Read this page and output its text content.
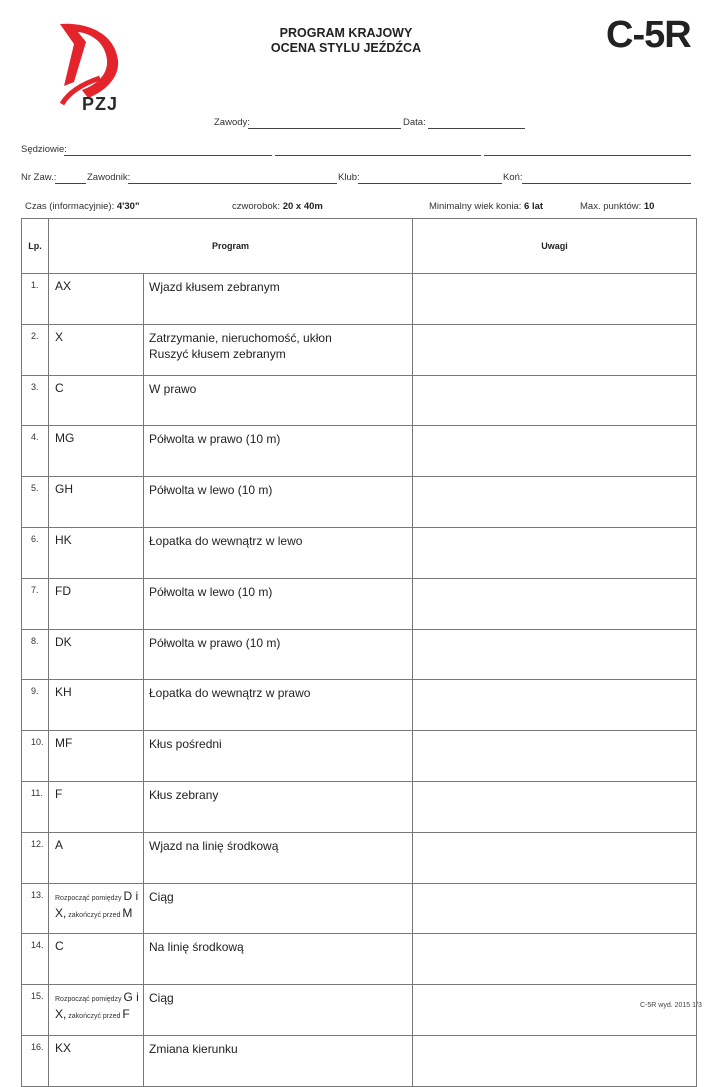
PZJ
PROGRAM KRAJOWY
OCENA STYLU JEŹDŹCA	C-5R
Zawody:	Data:
Sędziowie:
Nr Zaw.:	Zawodnik:	Klub:	Koń:
Czas (informacyjnie): 4'30"	czworobok: 20 x 40m	Minimalny wiek konia: 6 lat	Max. punktów: 10
Lp.	Program		Uwagi
1.	AX	Wjazd kłusem zebranym	
2.	X	Zatrzymanie, nieruchomość, ukłon
Ruszyć kłusem zebranym	

3.	C	W prawo	
4.	MG	Półwolta w prawo (10 m)	
5.	GH	Półwolta w lewo (10 m)	
6.	HK	Łopatka do wewnątrz w lewo	
7.	FD	Półwolta w lewo (10 m)	
8.	DK	Półwolta w prawo (10 m)	
9.	KH	Łopatka do wewnątrz w prawo	
10.	MF	Kłus pośredni	
11.	F	Kłus zebrany	
12.	A	Wjazd na linię środkową	
13.	Rozpocząć pomiędzy D i
X, zakończyć przed M	Ciąg	
14.	C	Na linię środkową	
15.	Rozpocząć pomiędzy G i
X, zakończyć przed F	Ciąg	
16.	KX	Zmiana kierunku	
C-5R wyd. 2015 1/3
